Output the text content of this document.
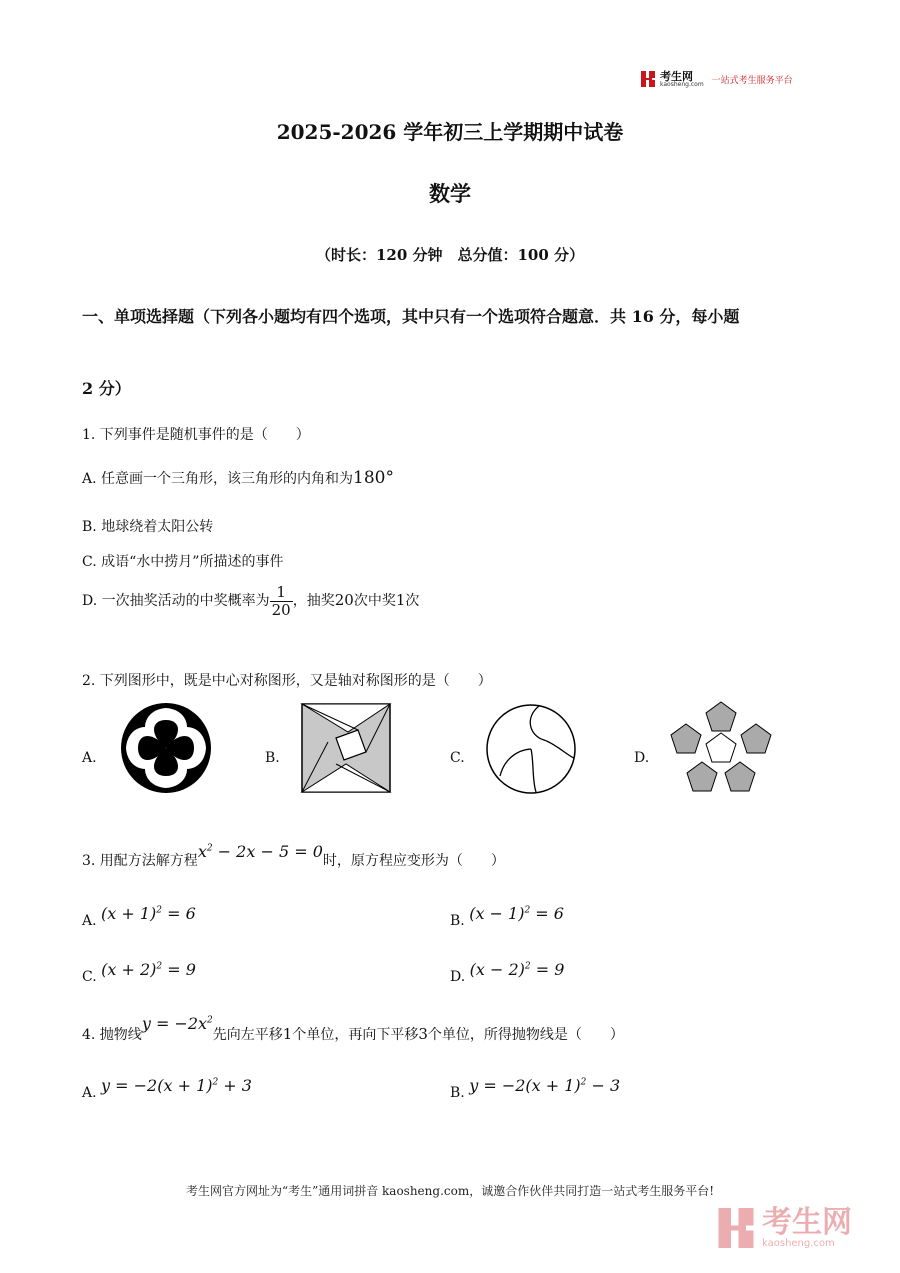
考生网
kaosheng.com 一站式考生服务平台
2025-2026 学年初三上学期期中试卷
数学
（时长：120 分钟　总分值：100 分）
一、单项选择题（下列各小题均有四个选项，其中只有一个选项符合题意．共 16 分，每小题
2 分）
1. 下列事件是随机事件的是（　　）
A. 任意画一个三角形，该三角形的内角和为180°
B. 地球绕着太阳公转
C. 成语“水中捞月”所描述的事件
D. 一次抽奖活动的中奖概率为 $\frac{1}{20}$ ，抽奖20次中奖1次
2. 下列图形中，既是中心对称图形，又是轴对称图形的是（　　）
A.	B.	C.	D.
3. 用配方法解方程$x^2 - 2x - 5 = 0$时，原方程应变形为（　　）
A. $(x + 1)^2 = 6$	B. $(x - 1)^2 = 6$
C. $(x + 2)^2 = 9$	D. $(x - 2)^2 = 9$
4. 抛物线$y = -2x^2$先向左平移1个单位，再向下平移3个单位，所得抛物线是（　　）
A. $y = -2(x + 1)^2 + 3$	B. $y = -2(x + 1)^2 - 3$
考生网官方网址为“考生”通用词拼音 kaosheng.com，诚邀合作伙伴共同打造一站式考生服务平台!
考生网
kaosheng.com
